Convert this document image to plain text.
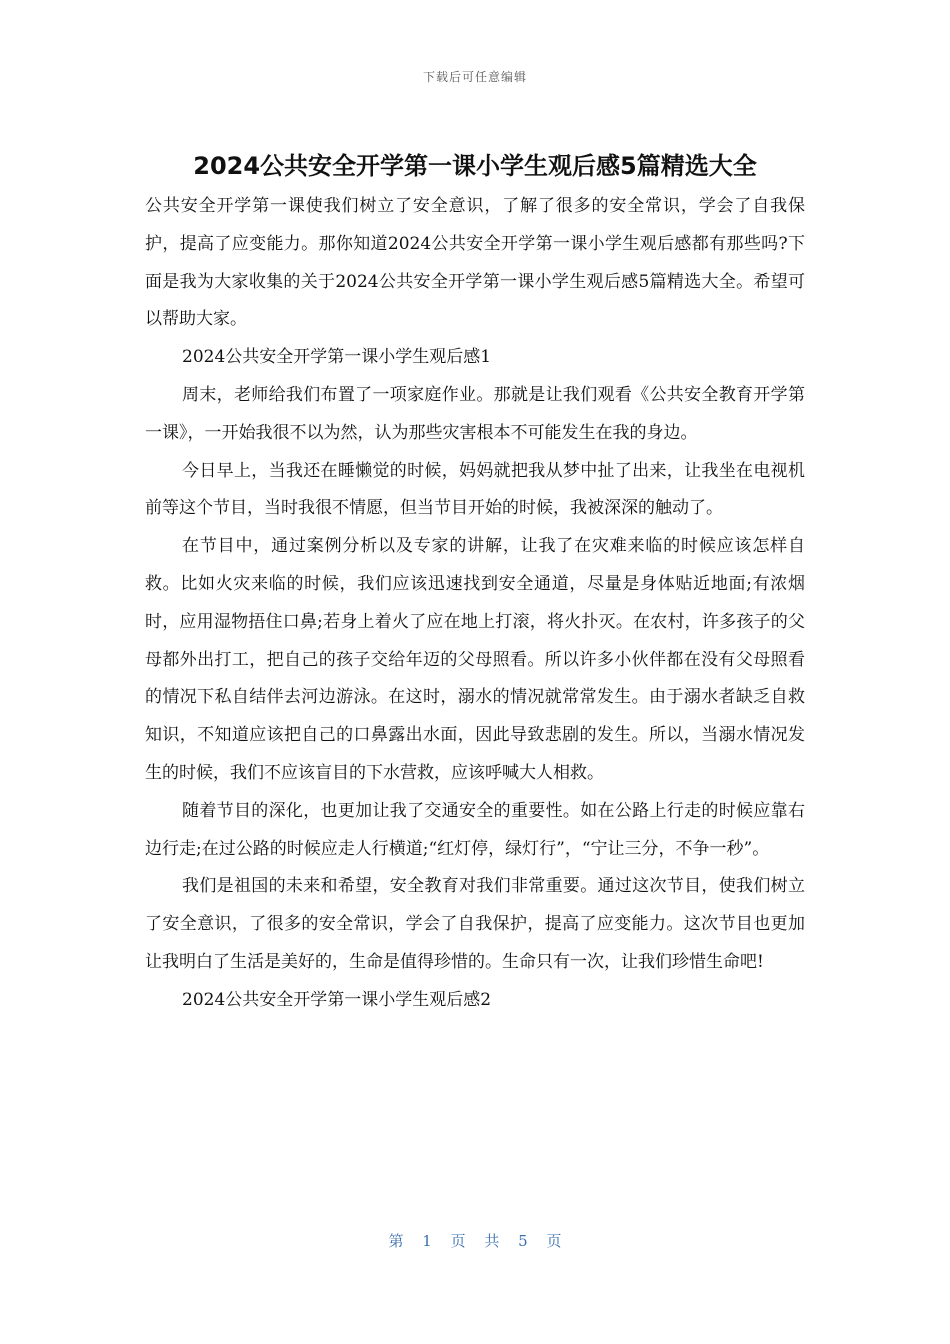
下载后可任意编辑
2024公共安全开学第一课小学生观后感5篇精选大全

公共安全开学第一课使我们树立了安全意识，了解了很多的安全常识，学会了自我保护，提高了应变能力。那你知道2024公共安全开学第一课小学生观后感都有那些吗?下面是我为大家收集的关于2024公共安全开学第一课小学生观后感5篇精选大全。希望可以帮助大家。

2024公共安全开学第一课小学生观后感1

周末，老师给我们布置了一项家庭作业。那就是让我们观看《公共安全教育开学第一课》，一开始我很不以为然，认为那些灾害根本不可能发生在我的身边。

今日早上，当我还在睡懒觉的时候，妈妈就把我从梦中扯了出来，让我坐在电视机前等这个节目，当时我很不情愿，但当节目开始的时候，我被深深的触动了。

在节目中，通过案例分析以及专家的讲解，让我了在灾难来临的时候应该怎样自救。比如火灾来临的时候，我们应该迅速找到安全通道，尽量是身体贴近地面;有浓烟时，应用湿物捂住口鼻;若身上着火了应在地上打滚，将火扑灭。在农村，许多孩子的父母都外出打工，把自己的孩子交给年迈的父母照看。所以许多小伙伴都在没有父母照看的情况下私自结伴去河边游泳。在这时，溺水的情况就常常发生。由于溺水者缺乏自救知识，不知道应该把自己的口鼻露出水面，因此导致悲剧的发生。所以，当溺水情况发生的时候，我们不应该盲目的下水营救，应该呼喊大人相救。

随着节目的深化，也更加让我了交通安全的重要性。如在公路上行走的时候应靠右边行走;在过公路的时候应走人行横道;“红灯停，绿灯行”，“宁让三分，不争一秒”。

我们是祖国的未来和希望，安全教育对我们非常重要。通过这次节目，使我们树立了安全意识，了很多的安全常识，学会了自我保护，提高了应变能力。这次节目也更加让我明白了生活是美好的，生命是值得珍惜的。生命只有一次，让我们珍惜生命吧!

2024公共安全开学第一课小学生观后感2

第 1 页 共 5 页
